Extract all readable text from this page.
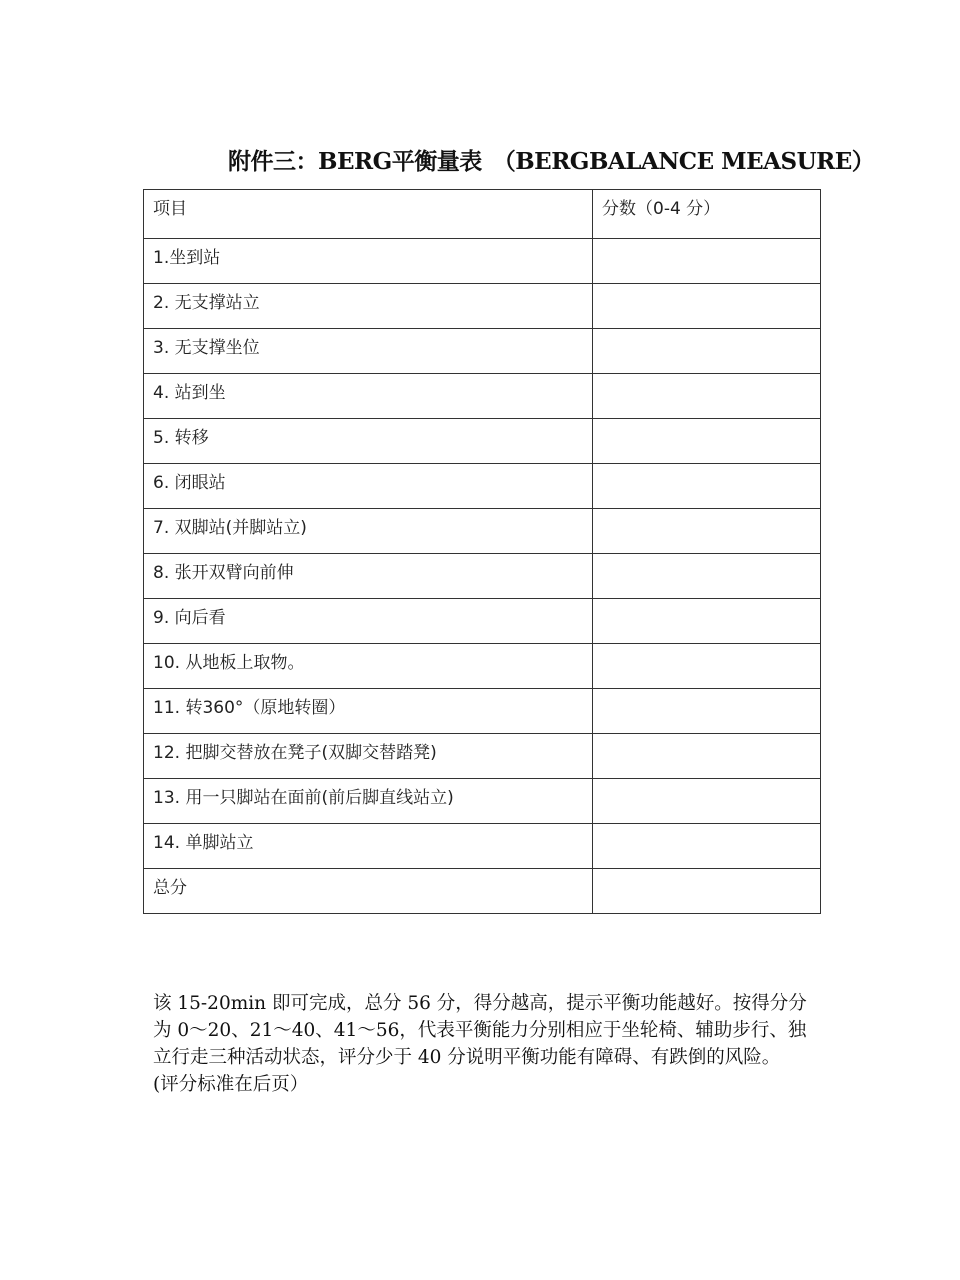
附件三：BERG平衡量表　（BERGBALANCE MEASURE）
项目	分数（0-4 分）
1.坐到站	
2. 无支撑站立	
3. 无支撑坐位	
4. 站到坐	
5. 转移	
6. 闭眼站	
7. 双脚站(并脚站立)	
8. 张开双臂向前伸	
9. 向后看	
10. 从地板上取物。	
11. 转360°（原地转圈）	
12. 把脚交替放在凳子(双脚交替踏凳)	
13. 用一只脚站在面前(前后脚直线站立)	
14. 单脚站立	
总分	

该 15-20min 即可完成，总分 56 分，得分越高，提示平衡功能越好。按得分分

为 0～20、21～40、41～56，代表平衡能力分别相应于坐轮椅、辅助步行、独

立行走三种活动状态，评分少于 40 分说明平衡功能有障碍、有跌倒的风险。

(评分标准在后页）
